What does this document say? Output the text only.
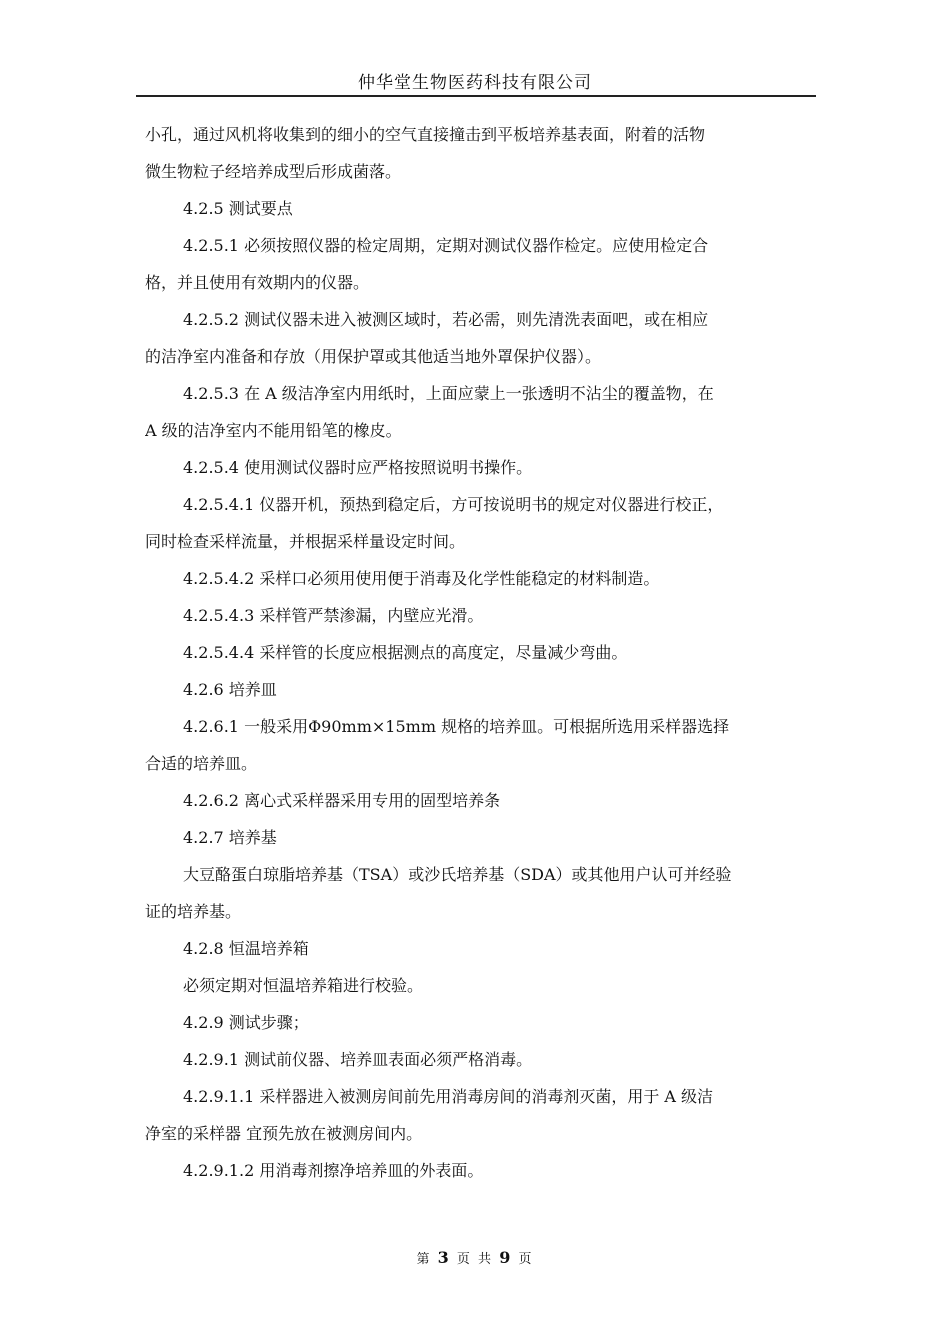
仲华堂生物医药科技有限公司
小孔，通过风机将收集到的细小的空气直接撞击到平板培养基表面，附着的活物
微生物粒子经培养成型后形成菌落。
4.2.5 测试要点
4.2.5.1 必须按照仪器的检定周期，定期对测试仪器作检定。应使用检定合
格，并且使用有效期内的仪器。
4.2.5.2 测试仪器未进入被测区域时，若必需，则先清洗表面吧，或在相应
的洁净室内准备和存放（用保护罩或其他适当地外罩保护仪器）。
4.2.5.3 在 A 级洁净室内用纸时，上面应蒙上一张透明不沾尘的覆盖物，在
A 级的洁净室内不能用铅笔的橡皮。
4.2.5.4 使用测试仪器时应严格按照说明书操作。
4.2.5.4.1 仪器开机，预热到稳定后，方可按说明书的规定对仪器进行校正，
同时检查采样流量，并根据采样量设定时间。
4.2.5.4.2 采样口必须用使用便于消毒及化学性能稳定的材料制造。
4.2.5.4.3 采样管严禁渗漏，内壁应光滑。
4.2.5.4.4 采样管的长度应根据测点的高度定，尽量减少弯曲。
4.2.6 培养皿
4.2.6.1 一般采用Φ90mm×15mm 规格的培养皿。可根据所选用采样器选择
合适的培养皿。
4.2.6.2 离心式采样器采用专用的固型培养条
4.2.7 培养基
大豆酪蛋白琼脂培养基（TSA）或沙氏培养基（SDA）或其他用户认可并经验
证的培养基。
4.2.8 恒温培养箱
必须定期对恒温培养箱进行校验。
4.2.9 测试步骤；
4.2.9.1 测试前仪器、培养皿表面必须严格消毒。
4.2.9.1.1 采样器进入被测房间前先用消毒房间的消毒剂灭菌，用于 A 级洁
净室的采样器 宜预先放在被测房间内。
4.2.9.1.2 用消毒剂擦净培养皿的外表面。
第 3 页 共 9 页
